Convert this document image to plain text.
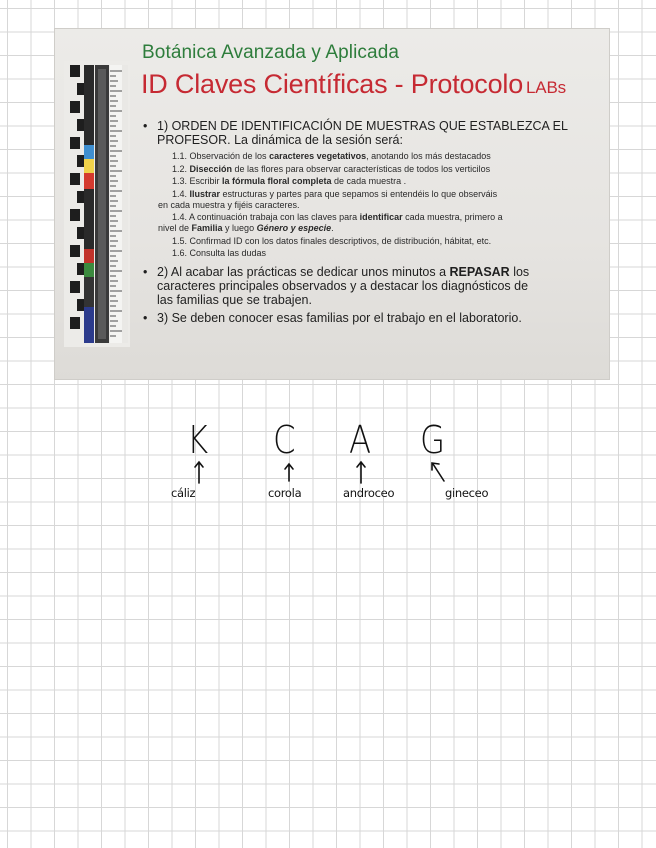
Botánica Avanzada y Aplicada
ID Claves Científicas - Protocolo LABs
• 1) ORDEN DE IDENTIFICACIÓN DE MUESTRAS QUE ESTABLEZCA EL
PROFESOR. La dinámica de la sesión será:
1.1. Observación de los caracteres vegetativos, anotando los más destacados
1.2. Disección de las flores para observar características de todos los verticilos
1.3. Escribir la fórmula floral completa de cada muestra .
1.4. Ilustrar estructuras y partes para que sepamos si entendéis lo que observáis
en cada muestra y fijéis caracteres.
1.4. A continuación trabaja con las claves para identificar cada muestra, primero a
nivel de Familia y luego Género y especie.
1.5. Confirmad ID con los datos finales descriptivos, de distribución, hábitat, etc.
1.6. Consulta las dudas
• 2) Al acabar las prácticas se dedicar unos minutos a REPASAR los
caracteres principales observados y a destacar los diagnósticos de
las familias que se trabajen.
• 3) Se deben conocer esas familias por el trabajo en el laboratorio.
K C A G
cáliz	corola	androceo	gineceo
